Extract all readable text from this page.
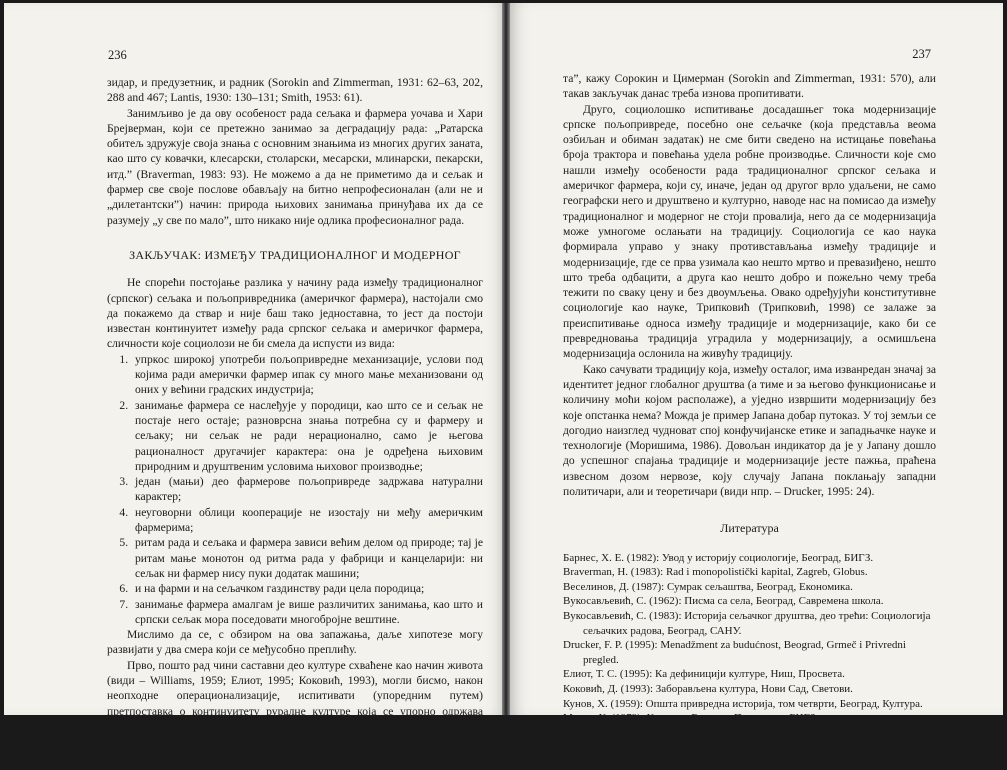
236	237

зидар, и предузетник, и радник (Sorokin and Zimmerman, 1931: 62–63, 202, 288 and 467; Lantis, 1930: 130–131; Smith, 1953: 61).

Занимљиво је да ову особеност рада сељака и фармера уочава и Хари Брејверман, који се претежно занимао за деградацију рада: „Ратарска обитељ здружује своја знања с основним знањима из многих других заната, као што су ковачки, клесарски, столарски, месарски, млинарски, пекарски, итд.” (Braverman, 1983: 93). Не можемо а да не приметимо да и сељак и фармер све своје послове обављају на битно непрофесионалан (али не и „дилетантски”) начин: природа њихових занимања принуђава их да се разумеју „у све по мало”, што никако није одлика професионалног рада.

ЗАКЉУЧАК: ИЗМЕЂУ ТРАДИЦИОНАЛНОГ И МОДЕРНОГ

Не спорећи постојање разлика у начину рада између традиционалног (српског) сељака и пољопривредника (америчког фармера), настојали смо да покажемо да ствар и није баш тако једноставна, то јест да постоји известан континуитет између рада српског сељака и америчког фармера, сличности које социолози не би смела да испусти из вида:

1. упркос широкој употреби пољопривредне механизације, услови под којима ради амерички фармер ипак су много мање механизовани од оних у већини градских индустрија;
2. занимање фармера се наслеђује у породици, као што се и сељак не постаје него остаје; разноврсна знања потребна су и фармеру и сељаку; ни сељак не ради нерационално, само је његова рационалност другачијег карактера: она је одређена њиховим природним и друштвеним условима њиховог производње;
3. један (мањи) део фармерове пољопривреде задржава натурални карактер;
4. неуговорни облици кооперације не изостају ни међу америчким фармерима;
5. ритам рада и сељака и фармера зависи већим делом од природе; тај је ритам мање монотон од ритма рада у фабрици и канцеларији: ни сељак ни фармер нису пуки додатак машини;
6. и на фарми и на сељачком газдинству ради цела породица;
7. занимање фармера амалгам је више различитих занимања, као што и српски сељак мора поседовати многобројне вештине.

Мислимо да се, с обзиром на ова запажања, даље хипотезе могу развијати у два смера који се међусобно преплићу.

Прво, пошто рад чини саставни део културе схваћене као начин живота (види – Williams, 1959; Елиот, 1995; Коковић, 1993), могли бисмо, након неопходне операционализације, испитивати (упоредним путем) претпоставка о континуитету руралне културе која се упорно одржава упркос настојању урбане културе да је у потпуности себи потчини, то јест да је „прогута”. „Пољопривреда представља вредност као начин живо-

та”, кажу Сорокин и Цимерман (Sorokin and Zimmerman, 1931: 570), али такав закључак данас треба изнова пропитивати.

Друго, социолошко испитивање досадашњег тока модернизације српске пољопривреде, посебно оне сељачке (која представља веома озбиљан и обиман задатак) не сме бити сведено на истицање повећања броја трактора и повећања удела робне производње. Сличности које смо нашли између особености рада традиционалног српског сељака и америчког фармера, који су, иначе, један од другог врло удаљени, не само географски него и друштвено и културно, наводе нас на помисао да између традиционалног и модерног не стоји провалија, него да се модернизација може умногоме ослањати на традицију. Социологија се као наука формирала управо у знаку противстављања између традиције и модернизације, где се прва узимала као нешто мртво и превазиђено, нешто што треба одбацити, а друга као нешто добро и пожељно чему треба тежити по сваку цену и без двоумљења. Овако одређујући конститутивне социологије као науке, Трипковић (Трипковић, 1998) се залаже за преиспитивање односа између традиције и модернизације, како би се превредновања традиција уградила у модернизацију, а осмишљена модернизација ослонила на живућу традицију.

Како сачувати традицију која, између осталог, има изванредан значај за идентитет једног глобалног друштва (а тиме и за његово функционисање и количину моћи којом располаже), а уједно извршити модернизацију без које опстанка нема? Можда је пример Јапана добар путоказ. У тој земљи се догодио наизглед чудноват спој конфучијанске етике и западњачке науке и технологије (Моришима, 1986). Довољан индикатор да је у Јапану дошло до успешног спајања традиције и модернизације јесте пажња, праћена извесном дозом нервозе, коју случају Јапана поклањају западни политичари, али и теоретичари (види нпр. – Drucker, 1995: 24).

Литература
Барнес, Х. Е. (1982): Увод у историју социологије, Београд, БИГЗ.
Braverman, H. (1983): Rad i monopolistički kapital, Zagreb, Globus.
Веселинов, Д. (1987): Сумрак сељаштва, Београд, Економика.
Вукосављевић, С. (1962): Писма са села, Београд, Савремена школа.
Вукосављевић, С. (1983): Историја сељачког друштва, део трећи: Социологија сељачких радова, Београд, САНУ.
Drucker, F. P. (1995): Menadžment za budućnost, Beograd, Grmeč i Privredni pregled.
Елиот, Т. С. (1995): Ка дефиницији културе, Ниш, Просвета.
Коковић, Д. (1993): Заборављена култура, Нови Сад, Светови.
Кунов, Х. (1959): Општа привредна историја, том четврти, Београд, Култура.
Маркс, К. (1979): Капитал, Београд, Просвета и БИГЗ.
Mendras, H. (1986): Seljačka društva, Zagreb, Globus.
Милошевић, Б. (1997): Умеће рада, Нови Сад, Филозофски факултет.
Мирковић, М. (1952): Сељаци у капитализму, Загреб, Матица хрватска.
